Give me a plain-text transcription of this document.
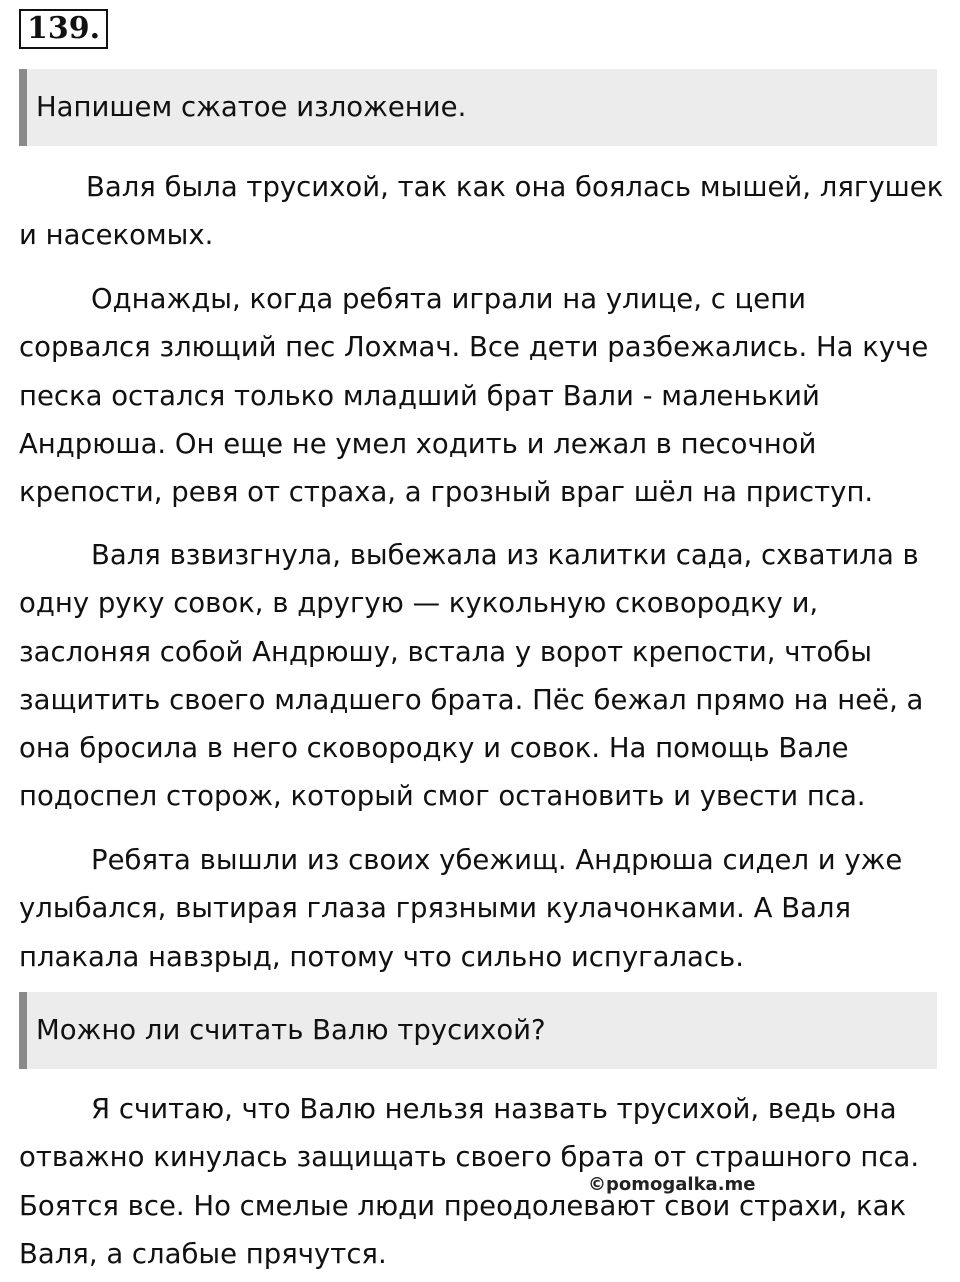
139 .
Напишем сжатое изложение.

Валя была трусихой, так как она боялась мышей, лягушек и насекомых.

Однажды, когда ребята играли на улице, с цепи сорвался злющий пес Лохмач. Все дети разбежались. На куче песка остался только младший брат Вали - маленький Андрюша. Он еще не умел ходить и лежал в песочной крепости, ревя от страха, а грозный враг шёл на приступ.

Валя взвизгнула, выбежала из калитки сада, схватила в одну руку совок, в другую — кукольную сковородку и, заслоняя собой Андрюшу, встала у ворот крепости, чтобы защитить своего младшего брата. Пёс бежал прямо на неё, а она бросила в него сковородку и совок. На помощь Вале подоспел сторож, который смог остановить и увести пса.

Ребята вышли из своих убежищ. Андрюша сидел и уже улыбался, вытирая глаза грязными кулачонками. А Валя плакала навзрыд, потому что сильно испугалась.

Можно ли считать Валю трусихой?

Я считаю, что Валю нельзя назвать трусихой, ведь она отважно кинулась защищать своего брата от страшного пса. Боятся все. Но смелые люди преодолевают свои страхи, как Валя, а слабые прячутся.

©pomogalka.me
